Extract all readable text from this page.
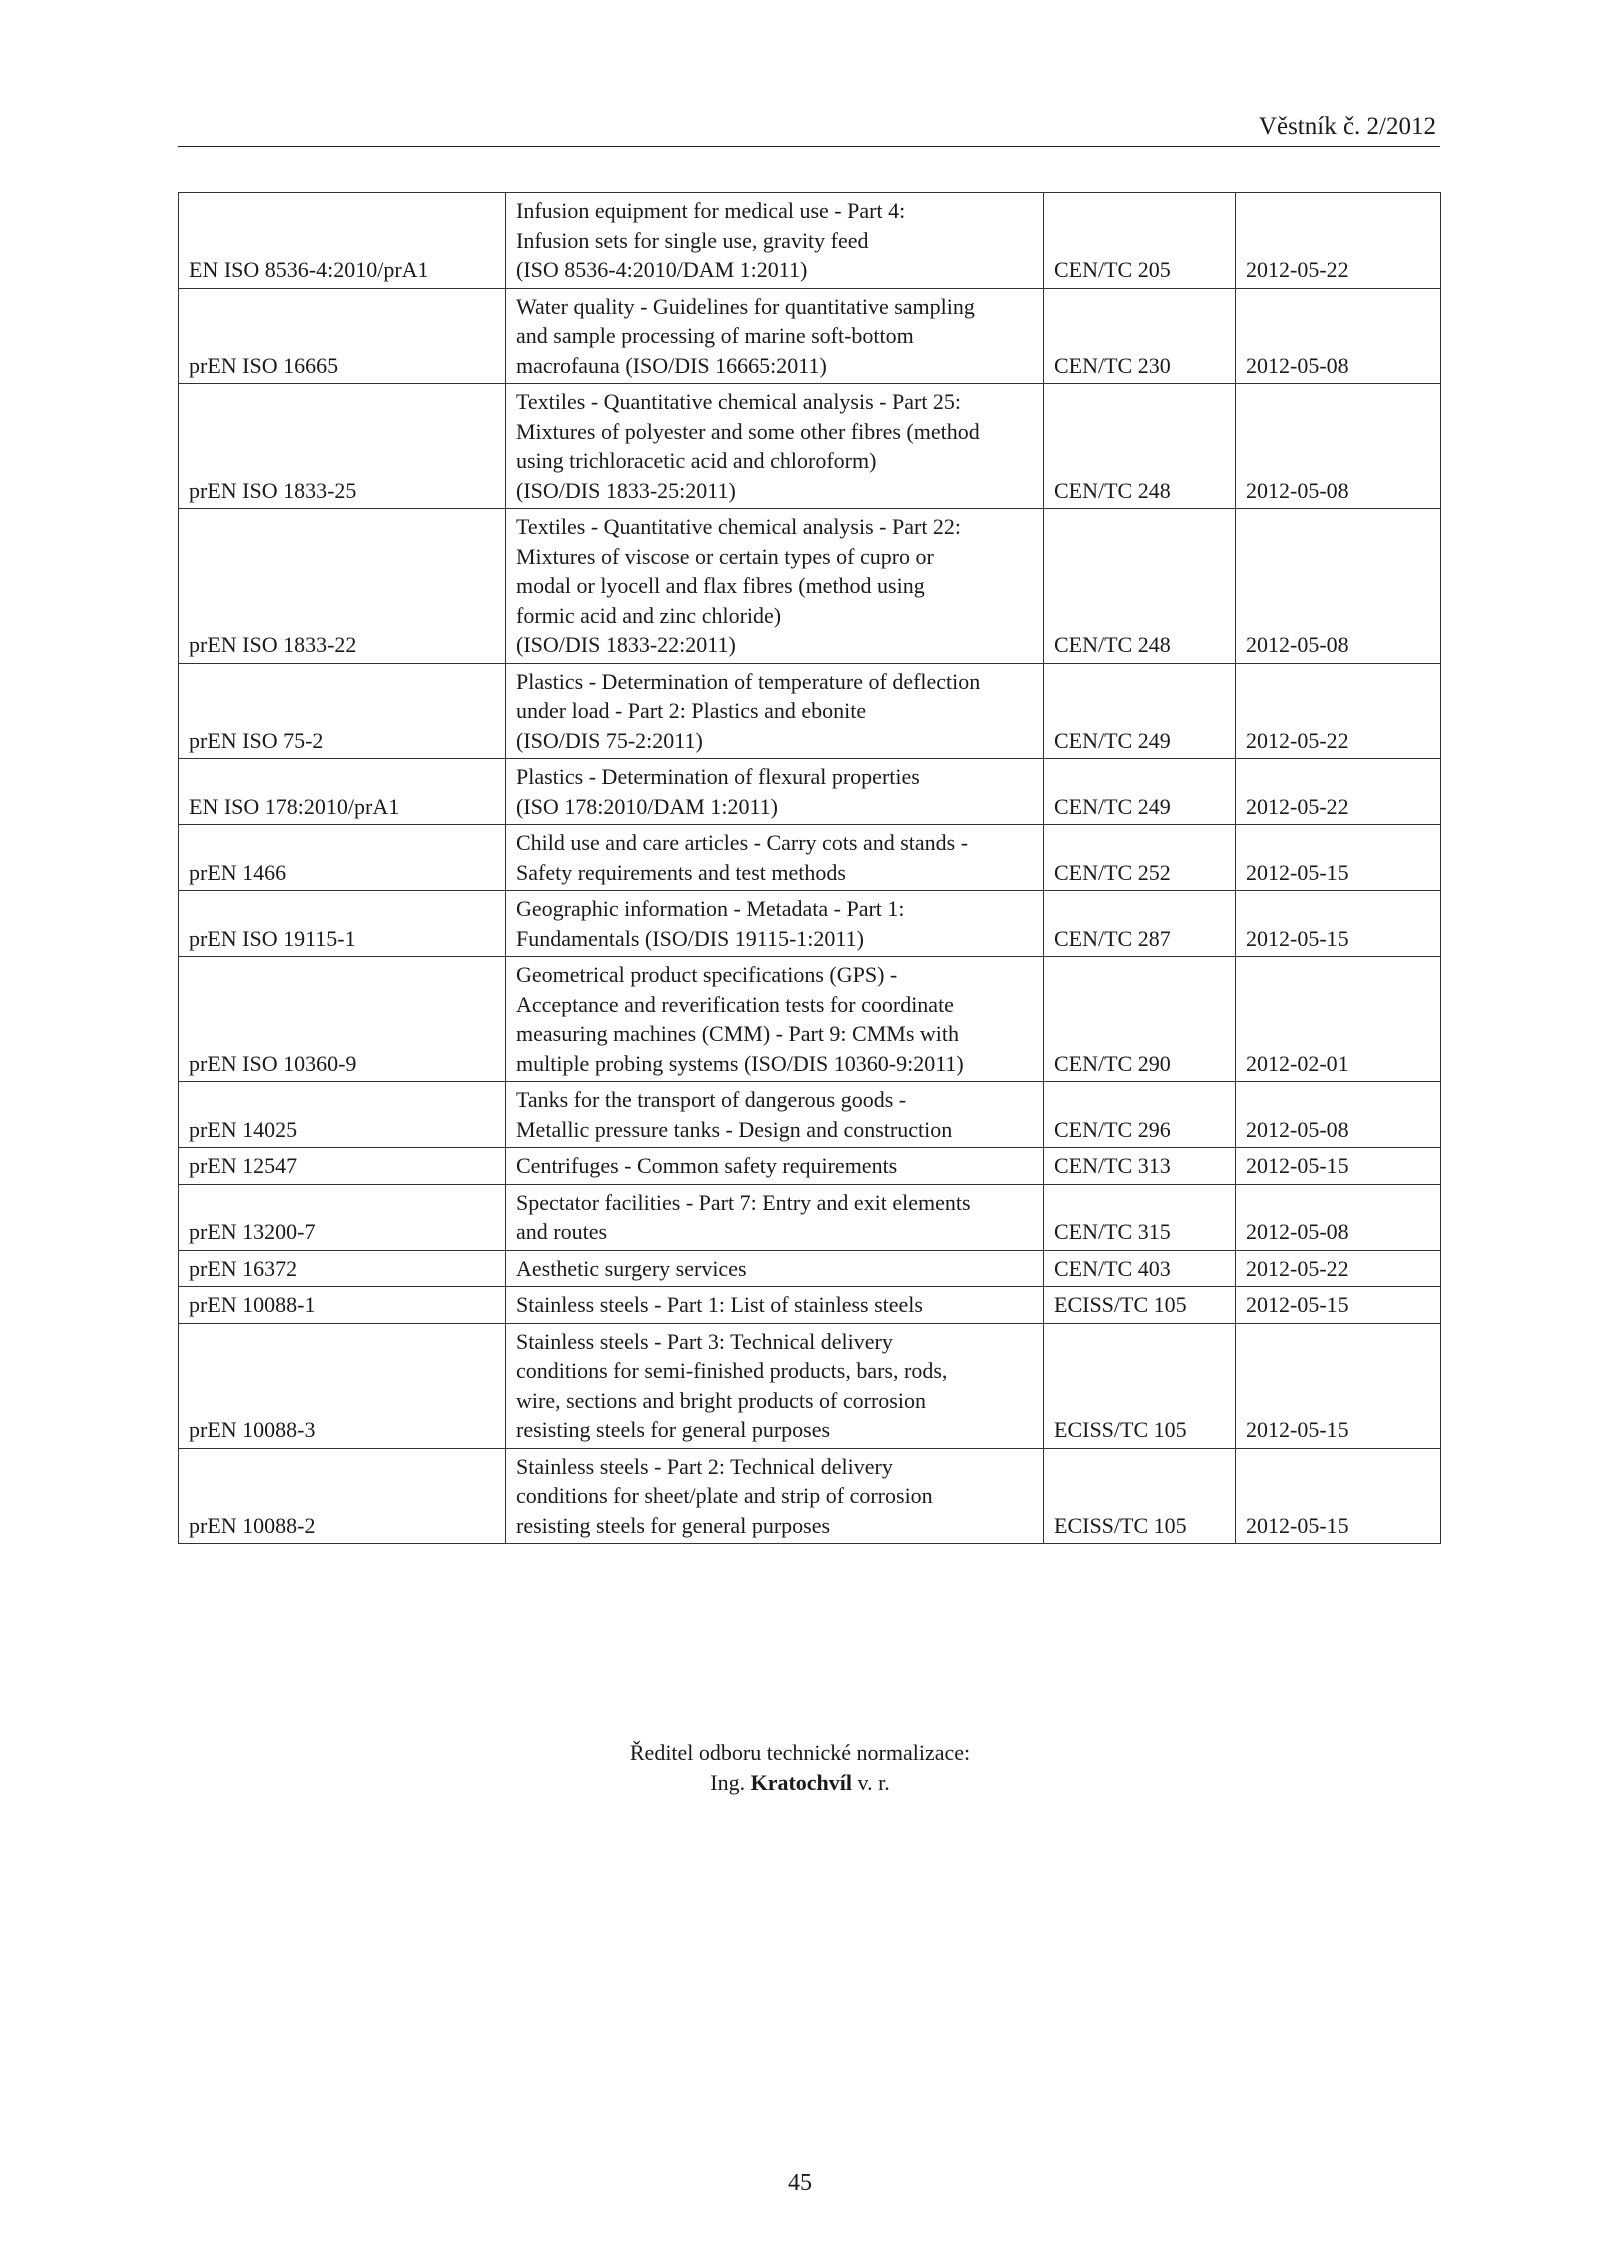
Věstník č. 2/2012
EN ISO 8536-4:2010/prA1	Infusion equipment for medical use - Part 4:
Infusion sets for single use, gravity feed
(ISO 8536-4:2010/DAM 1:2011)	CEN/TC 205	2012-05-22
prEN ISO 16665	Water quality - Guidelines for quantitative sampling
and sample processing of marine soft-bottom
macrofauna (ISO/DIS 16665:2011)	CEN/TC 230	2012-05-08
prEN ISO 1833-25	Textiles - Quantitative chemical analysis - Part 25:
Mixtures of polyester and some other fibres (method
using trichloracetic acid and chloroform)
(ISO/DIS 1833-25:2011)	CEN/TC 248	2012-05-08
prEN ISO 1833-22	Textiles - Quantitative chemical analysis - Part 22:
Mixtures of viscose or certain types of cupro or
modal or lyocell and flax fibres (method using
formic acid and zinc chloride)
(ISO/DIS 1833-22:2011)	CEN/TC 248	2012-05-08
prEN ISO 75-2	Plastics - Determination of temperature of deflection
under load - Part 2: Plastics and ebonite
(ISO/DIS 75-2:2011)	CEN/TC 249	2012-05-22
EN ISO 178:2010/prA1	Plastics - Determination of flexural properties
(ISO 178:2010/DAM 1:2011)	CEN/TC 249	2012-05-22
prEN 1466	Child use and care articles - Carry cots and stands -
Safety requirements and test methods	CEN/TC 252	2012-05-15
prEN ISO 19115-1	Geographic information - Metadata - Part 1:
Fundamentals (ISO/DIS 19115-1:2011)	CEN/TC 287	2012-05-15
prEN ISO 10360-9	Geometrical product specifications (GPS) -
Acceptance and reverification tests for coordinate
measuring machines (CMM) - Part 9: CMMs with
multiple probing systems (ISO/DIS 10360-9:2011)	CEN/TC 290	2012-02-01
prEN 14025	Tanks for the transport of dangerous goods -
Metallic pressure tanks - Design and construction	CEN/TC 296	2012-05-08
prEN 12547	Centrifuges - Common safety requirements	CEN/TC 313	2012-05-15
prEN 13200-7	Spectator facilities - Part 7: Entry and exit elements
and routes	CEN/TC 315	2012-05-08
prEN 16372	Aesthetic surgery services	CEN/TC 403	2012-05-22
prEN 10088-1	Stainless steels - Part 1: List of stainless steels	ECISS/TC 105	2012-05-15
prEN 10088-3	Stainless steels - Part 3: Technical delivery
conditions for semi-finished products, bars, rods,
wire, sections and bright products of corrosion
resisting steels for general purposes	ECISS/TC 105	2012-05-15
prEN 10088-2	Stainless steels - Part 2: Technical delivery
conditions for sheet/plate and strip of corrosion
resisting steels for general purposes	ECISS/TC 105	2012-05-15
Ředitel odboru technické normalizace:
Ing. Kratochvíl v. r.
45
